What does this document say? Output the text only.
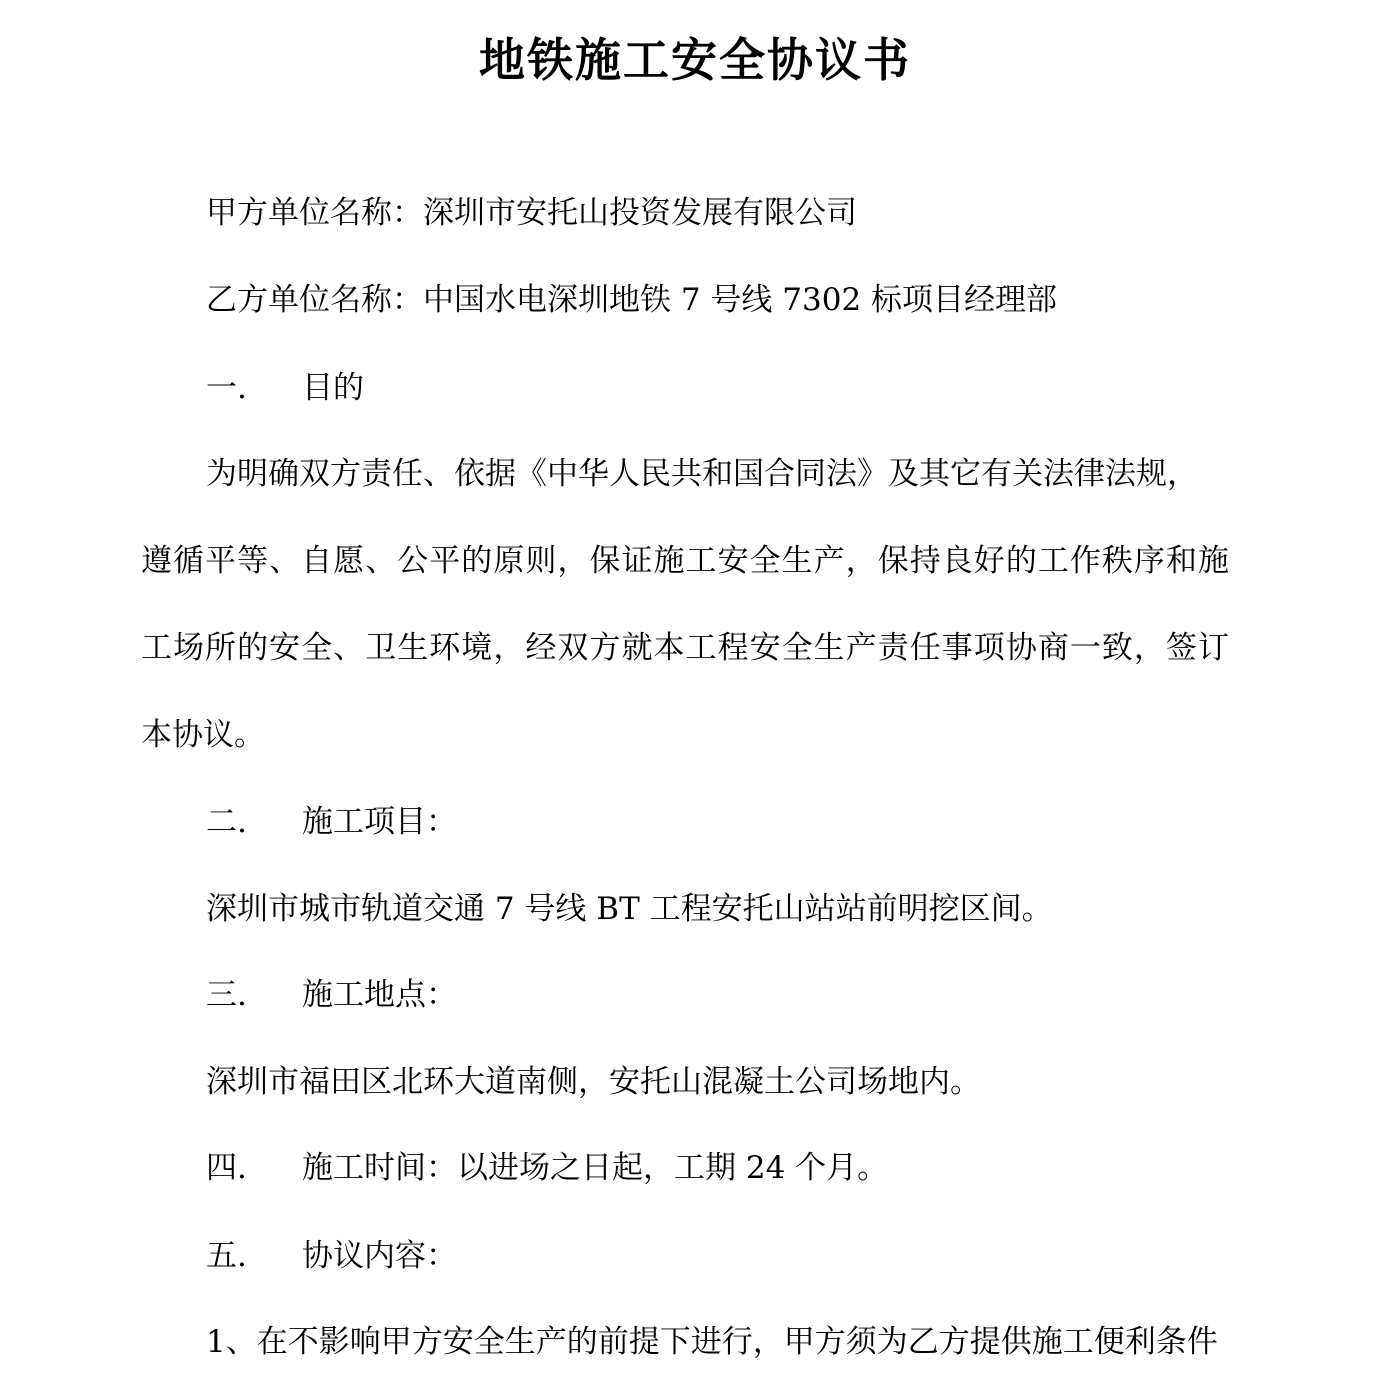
地铁施工安全协议书
甲方单位名称：深圳市安托山投资发展有限公司
乙方单位名称：中国水电深圳地铁 7 号线 7302 标项目经理部
一. 目的
为明确双方责任、依据《中华人民共和国合同法》及其它有关法律法规，
遵循平等、自愿、公平的原则，保证施工安全生产，保持良好的工作秩序和施
工场所的安全、卫生环境，经双方就本工程安全生产责任事项协商一致，签订
本协议。
二. 施工项目：
深圳市城市轨道交通 7 号线 BT 工程安托山站站前明挖区间。
三. 施工地点：
深圳市福田区北环大道南侧，安托山混凝土公司场地内。
四. 施工时间：以进场之日起，工期 24 个月。
五. 协议内容：
1、在不影响甲方安全生产的前提下进行，甲方须为乙方提供施工便利条件
